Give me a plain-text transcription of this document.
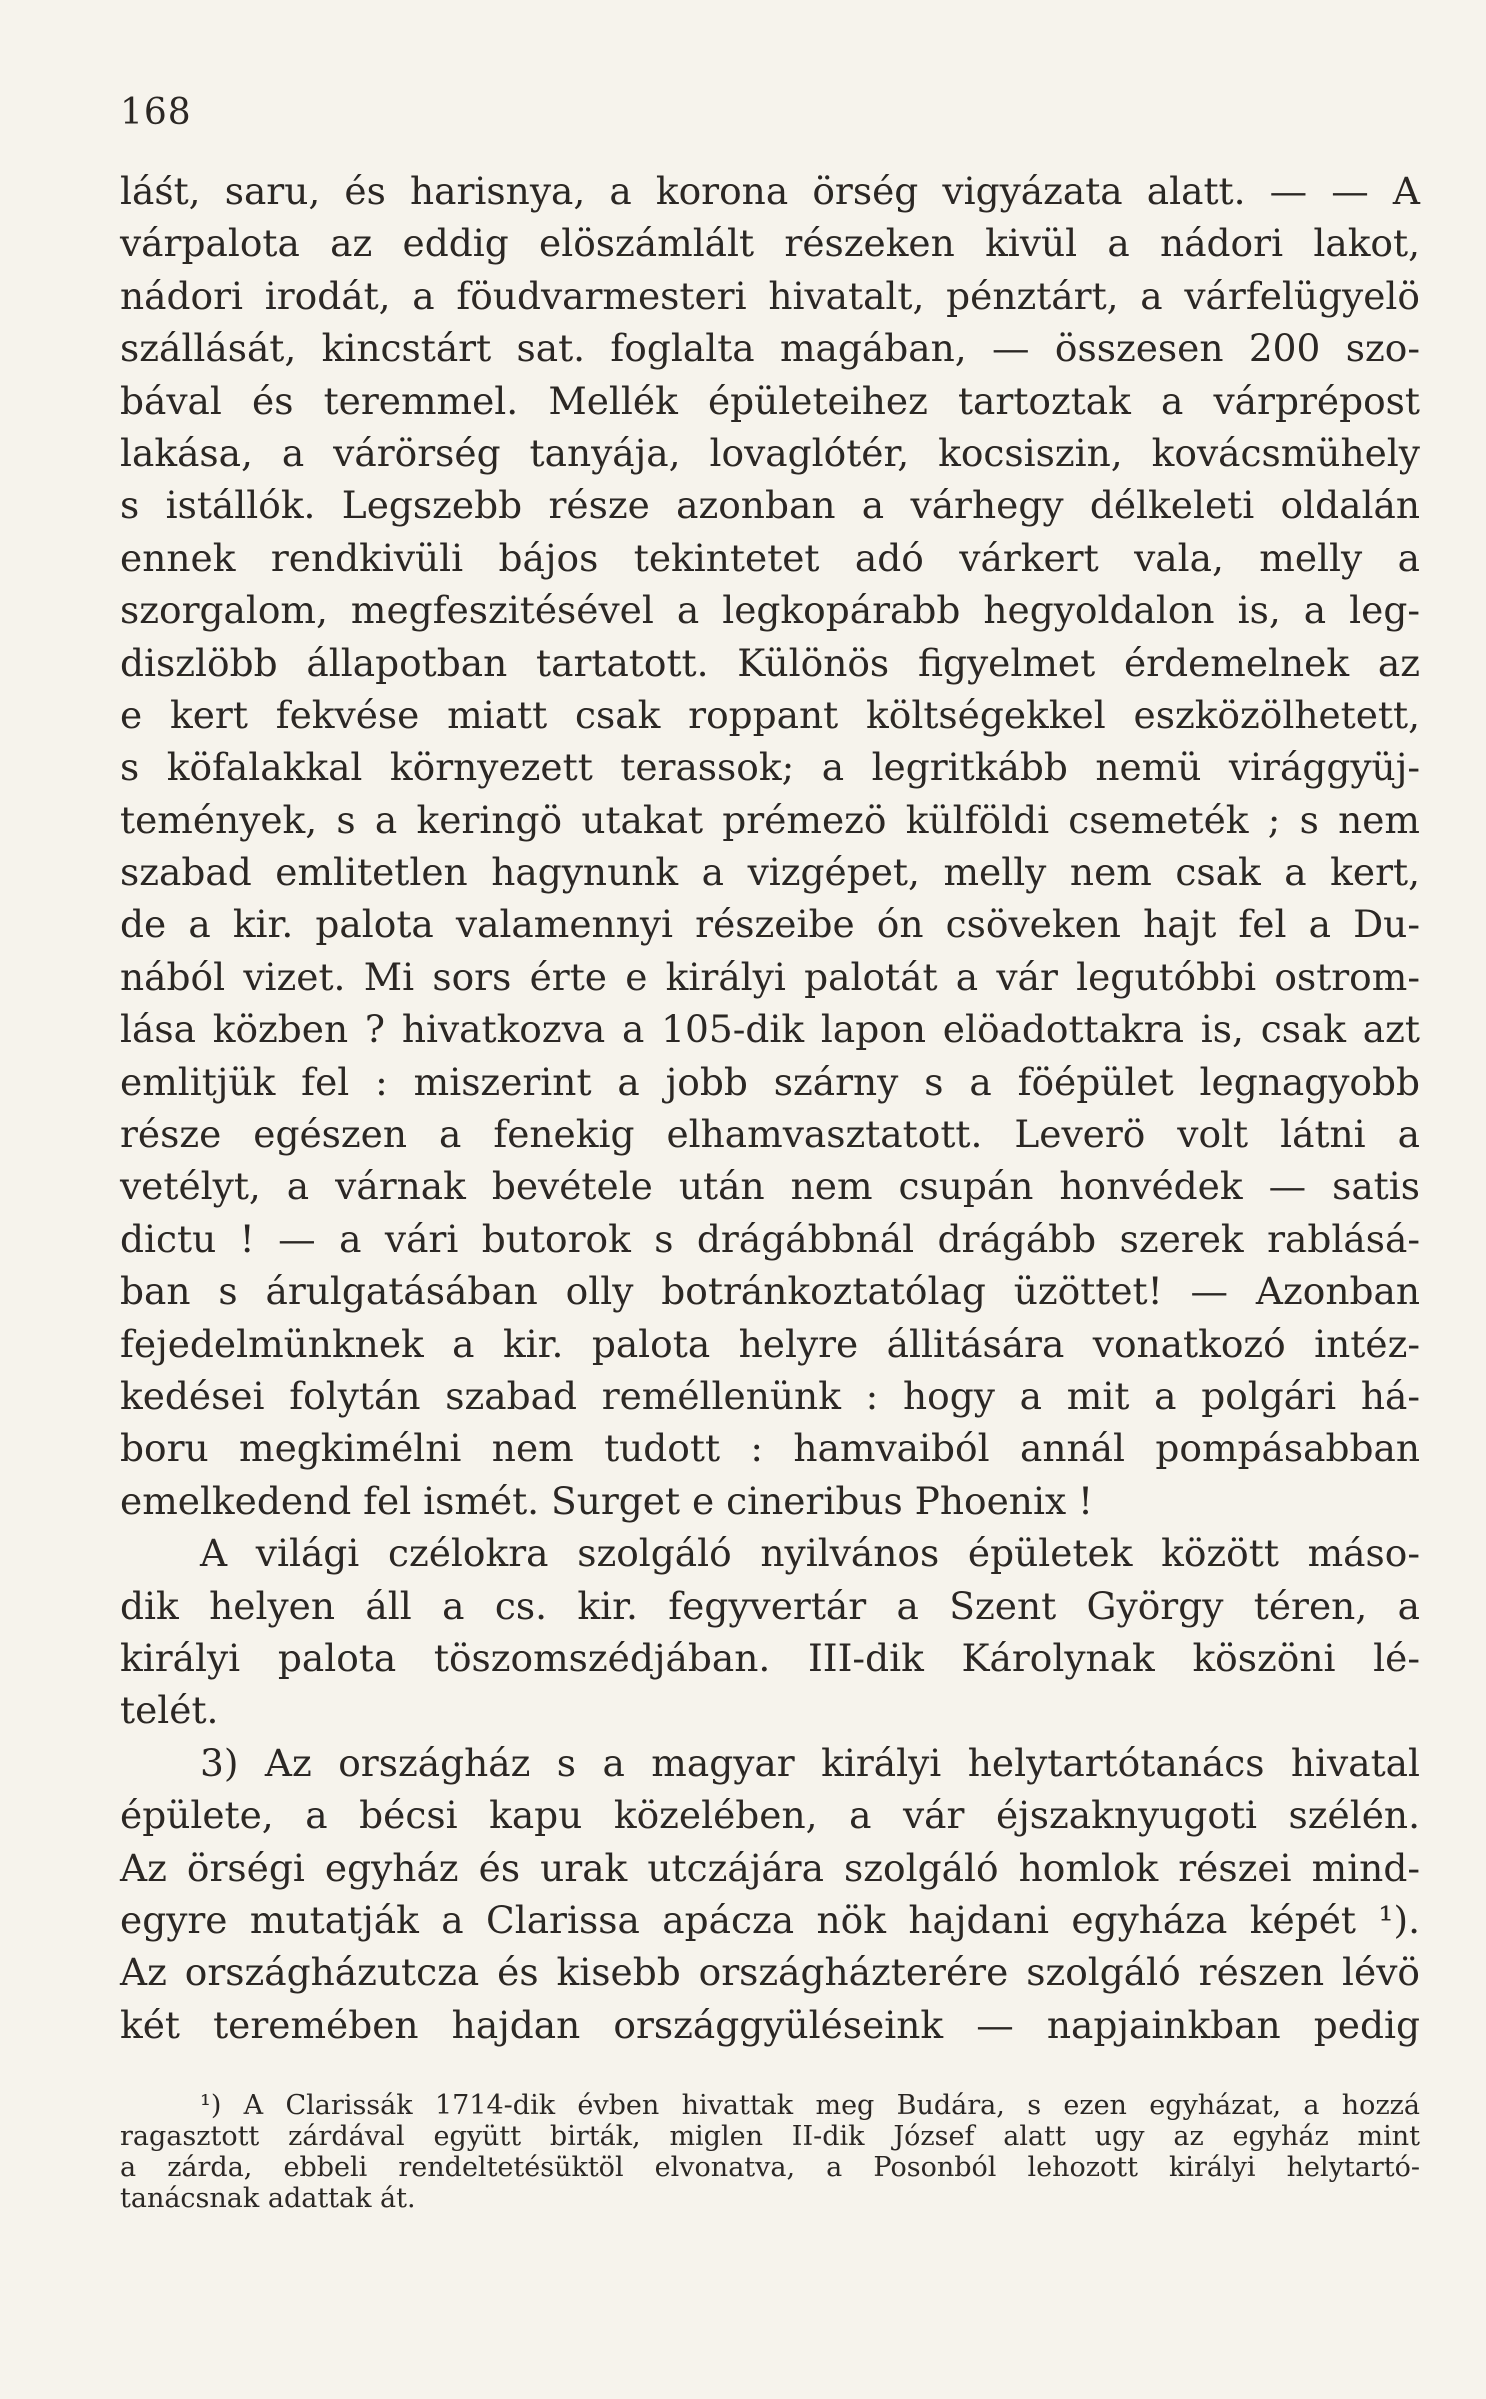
168
láśt, saru, és harisnya, a korona örség vigyázata alatt. — — A
várpalota az eddig elöszámlált részeken kivül a nádori lakot,
nádori irodát, a föudvarmesteri hivatalt, pénztárt, a várfelügyelö
szállását, kincstárt sat. foglalta magában, — összesen 200 szo-
bával és teremmel. Mellék épületeihez tartoztak a várprépost
lakása, a várörség tanyája, lovaglótér, kocsiszin, kovácsmühely
s istállók. Legszebb része azonban a várhegy délkeleti oldalán
ennek rendkivüli bájos tekintetet adó várkert vala, melly a
szorgalom, megfeszitésével a legkopárabb hegyoldalon is, a leg-
diszlöbb állapotban tartatott. Különös figyelmet érdemelnek az
e kert fekvése miatt csak roppant költségekkel eszközölhetett,
s köfalakkal környezett terassok; a legritkább nemü virággyüj-
temények, s a keringö utakat prémezö külföldi csemeték ; s nem
szabad emlitetlen hagynunk a vizgépet, melly nem csak a kert,
de a kir. palota valamennyi részeibe ón csöveken hajt fel a Du-
nából vizet. Mi sors érte e királyi palotát a vár legutóbbi ostrom-
lása közben ? hivatkozva a 105-dik lapon elöadottakra is, csak azt
emlitjük fel : miszerint a jobb szárny s a föépület legnagyobb
része egészen a fenekig elhamvasztatott. Leverö volt látni a
vetélyt, a várnak bevétele után nem csupán honvédek — satis
dictu ! — a vári butorok s drágábbnál drágább szerek rablásá-
ban s árulgatásában olly botránkoztatólag üzöttet! — Azonban
fejedelmünknek a kir. palota helyre állitására vonatkozó intéz-
kedései folytán szabad reméllenünk : hogy a mit a polgári há-
boru megkimélni nem tudott : hamvaiból annál pompásabban
emelkedend fel ismét. Surget e cineribus Phoenix !
A világi czélokra szolgáló nyilvános épületek között máso-
dik helyen áll a cs. kir. fegyvertár a Szent György téren, a
királyi palota töszomszédjában. III-dik Károlynak köszöni lé-
telét.
3) Az országház s a magyar királyi helytartótanács hivatal
épülete, a bécsi kapu közelében, a vár éjszaknyugoti szélén.
Az örségi egyház és urak utczájára szolgáló homlok részei mind-
egyre mutatják a Clarissa apácza nök hajdani egyháza képét ¹).
Az országházutcza és kisebb országházterére szolgáló részen lévö
két teremében hajdan országgyüléseink — napjainkban pedig
¹) A Clarissák 1714-dik évben hivattak meg Budára, s ezen egyházat, a hozzá
ragasztott zárdával együtt birták, miglen II-dik József alatt ugy az egyház mint
a zárda, ebbeli rendeltetésüktöl elvonatva, a Posonból lehozott királyi helytartó-
tanácsnak adattak át.
